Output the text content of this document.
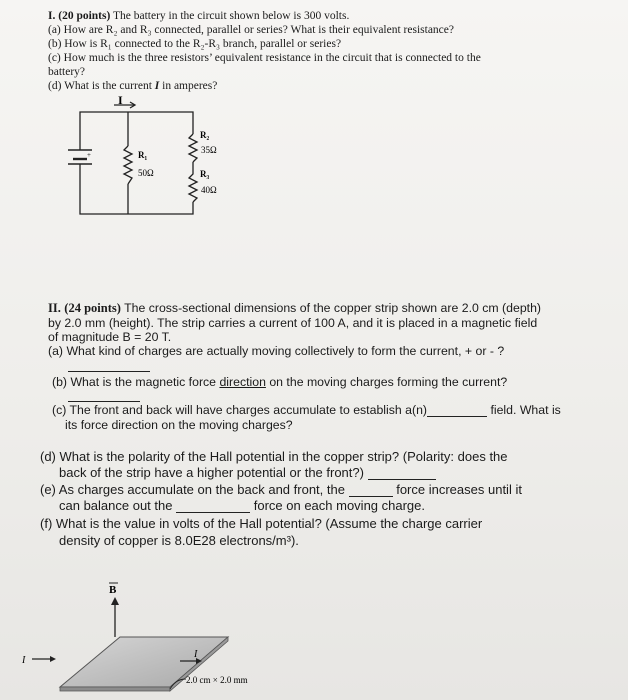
I. (20 points) The battery in the circuit shown below is 300 volts.
(a) How are R₂ and R₃ connected, parallel or series? What is their equivalent resistance?
(b) How is R₁ connected to the R₂-R₃ branch, parallel or series?
(c) How much is the three resistors’ equivalent resistance in the circuit that is connected to the
battery?
(d) What is the current I in amperes?
I
+	R₁
50Ω
R₂
35Ω
R₃
40Ω
II. (24 points) The cross-sectional dimensions of the copper strip shown are 2.0 cm (depth)
by 2.0 mm (height). The strip carries a current of 100 A, and it is placed in a magnetic field
of magnitude B = 20 T.
(a) What kind of charges are actually moving collectively to form the current, + or - ?
(b) What is the magnetic force direction on the moving charges forming the current?
(c) The front and back will have charges accumulate to establish a(n)	field. What is
its force direction on the moving charges?
(d) What is the polarity of the Hall potential in the copper strip? (Polarity: does the
back of the strip have a higher potential or the front?)
(e) As charges accumulate on the back and front, the	force increases until it
can balance out the	force on each moving charge.
(f) What is the value in volts of the Hall potential? (Assume the charge carrier
density of copper is 8.0E28 electrons/m³).
B
I
I
2.0 cm × 2.0 mm
